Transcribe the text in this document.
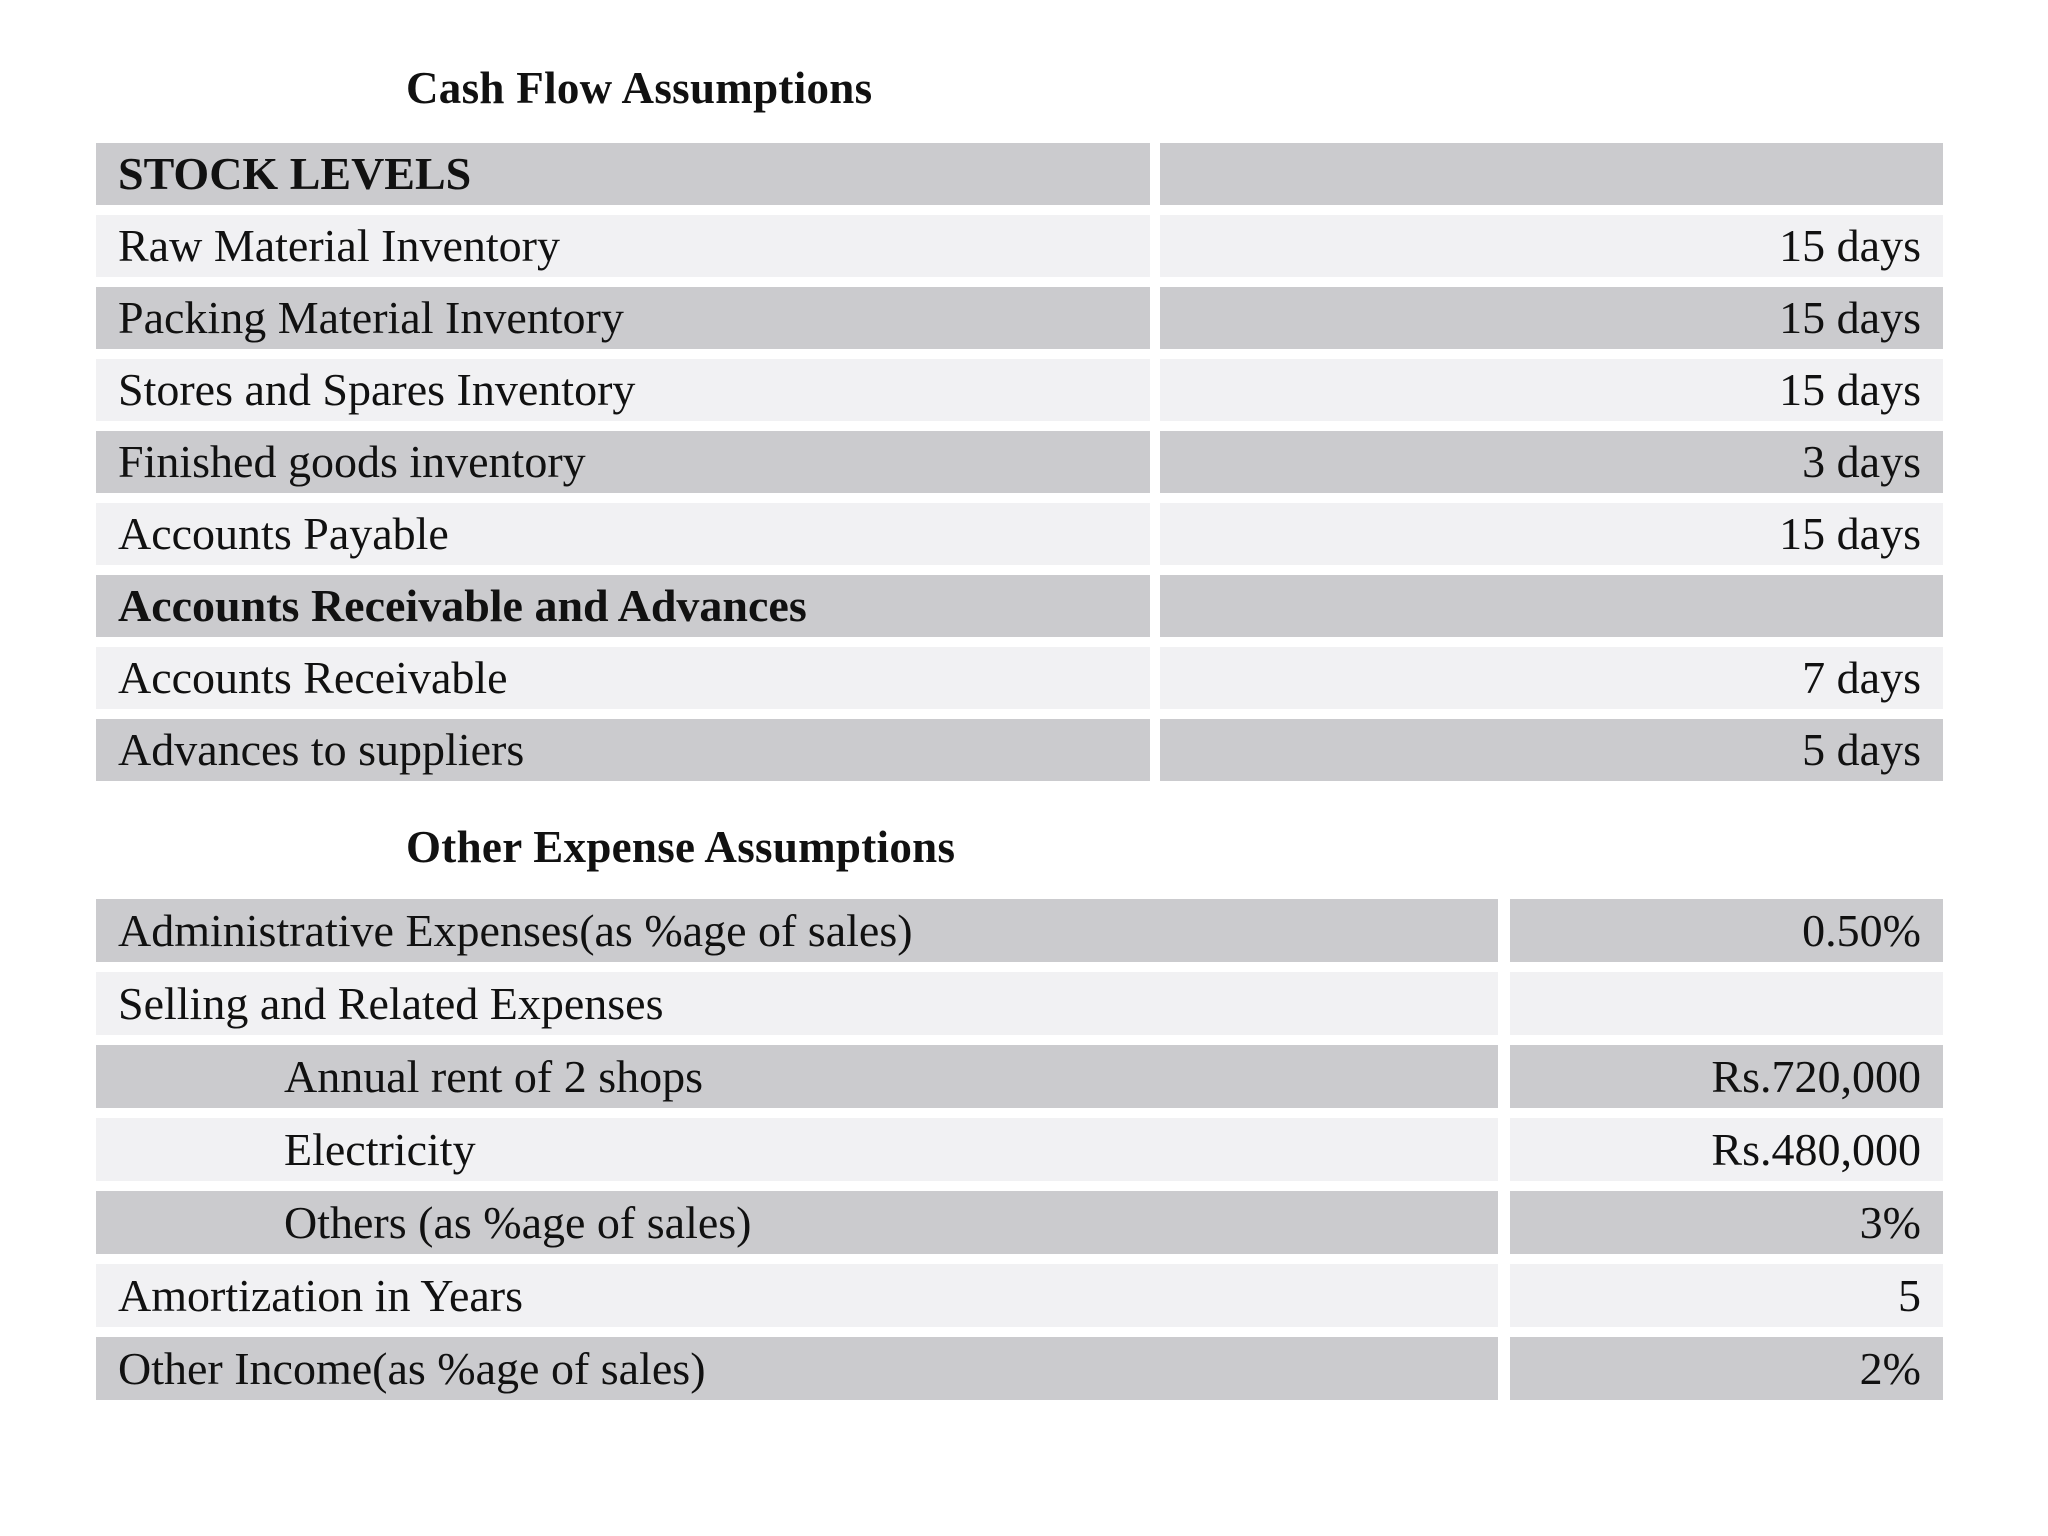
Cash Flow Assumptions
STOCK LEVELS
Raw Material Inventory	15 days
Packing Material Inventory	15 days
Stores and Spares Inventory	15 days
Finished goods inventory	3 days
Accounts Payable	15 days
Accounts Receivable and Advances
Accounts Receivable	7 days
Advances to suppliers	5 days
Other Expense Assumptions
Administrative Expenses(as %age of sales)	0.50%
Selling and Related Expenses
Annual rent of 2 shops	Rs.720,000
Electricity	Rs.480,000
Others (as %age of sales)	3%
Amortization in Years	5
Other Income(as %age of sales)	2%
